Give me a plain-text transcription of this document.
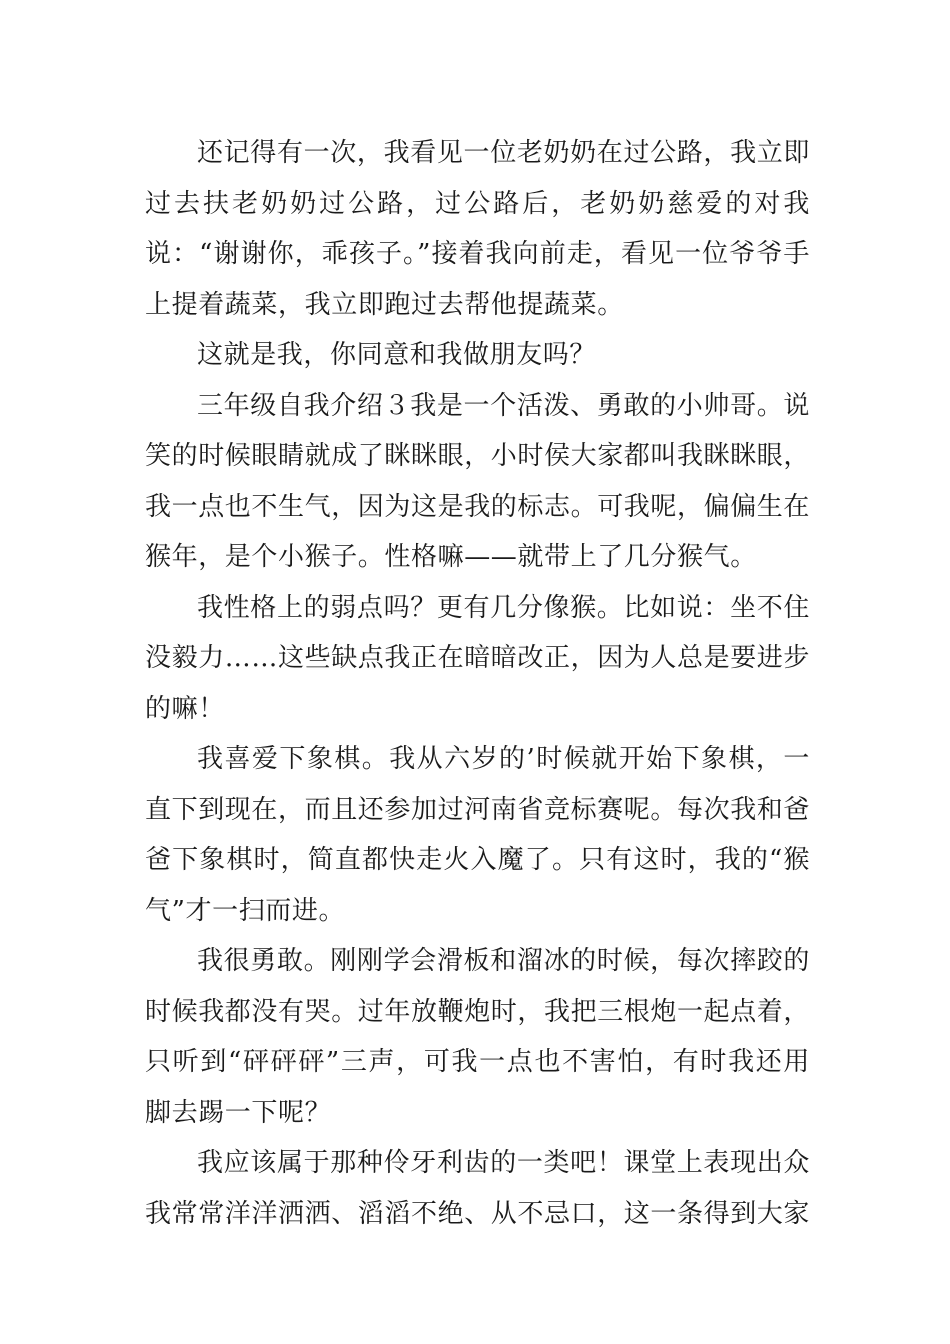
还记得有一次，我看见一位老奶奶在过公路，我立即过去扶老奶奶过公路，过公路后，老奶奶慈爱的对我说：“谢谢你，乖孩子。”接着我向前走，看见一位爷爷手上提着蔬菜，我立即跑过去帮他提蔬菜。

这就是我，你同意和我做朋友吗？

三年级自我介绍３我是一个活泼、勇敢的小帅哥。说笑的时候眼睛就成了眯眯眼，小时侯大家都叫我眯眯眼，我一点也不生气，因为这是我的标志。可我呢，偏偏生在猴年，是个小猴子。性格嘛——就带上了几分猴气。

我性格上的弱点吗？更有几分像猴。比如说：坐不住没毅力……这些缺点我正在暗暗改正，因为人总是要进步的嘛！

我喜爱下象棋。我从六岁的’时候就开始下象棋，一直下到现在，而且还参加过河南省竞标赛呢。每次我和爸爸下象棋时，简直都快走火入魔了。只有这时，我的“猴气”才一扫而进。

我很勇敢。刚刚学会滑板和溜冰的时候，每次摔跤的时候我都没有哭。过年放鞭炮时，我把三根炮一起点着，只听到“砰砰砰”三声，可我一点也不害怕，有时我还用脚去踢一下呢？

我应该属于那种伶牙利齿的一类吧！课堂上表现出众我常常洋洋洒洒、滔滔不绝、从不忌口，这一条得到大家
